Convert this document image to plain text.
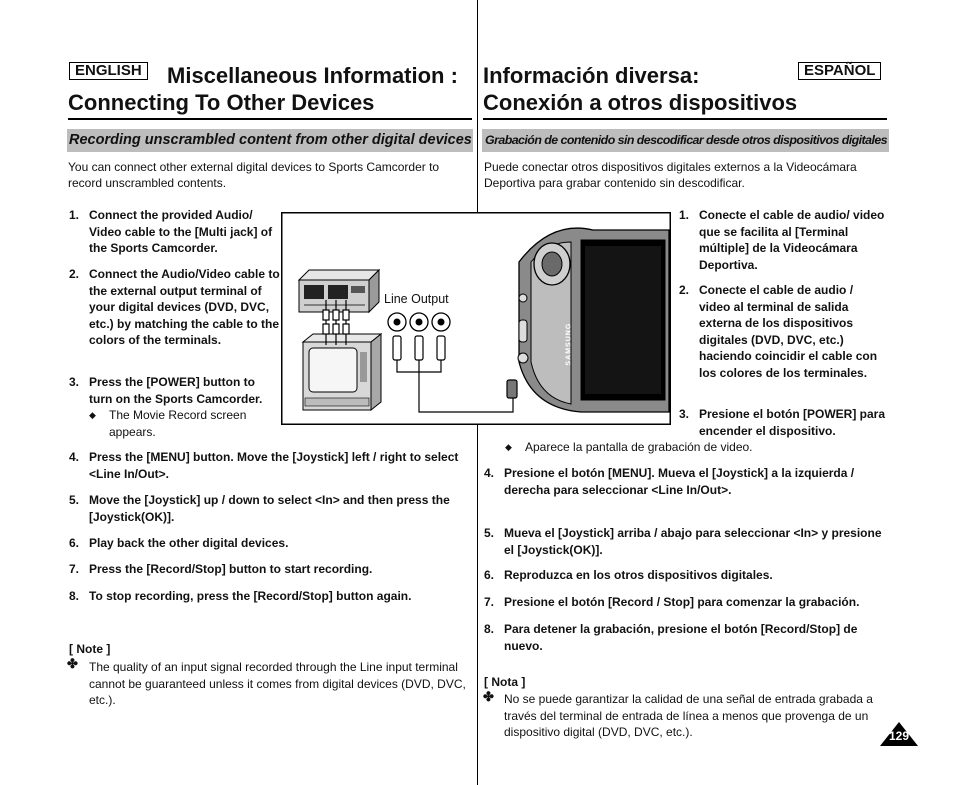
ENGLISH Miscellaneous Information :
Connecting To Other Devices
Recording unscrambled content from other digital devices
You can connect other external digital devices to Sports Camcorder to record unscrambled contents.
1. Connect the provided Audio/ Video cable to the [Multi jack] of the Sports Camcorder.
2. Connect the Audio/Video cable to the external output terminal of your digital devices (DVD, DVC, etc.) by matching the cable to the colors of the terminals.
3. Press the [POWER] button to turn on the Sports Camcorder.
◆ The Movie Record screen appears.
4. Press the [MENU] button. Move the [Joystick] left / right to select <Line In/Out>.
5. Move the [Joystick] up / down to select <In> and then press the [Joystick(OK)].
6. Play back the other digital devices.
7. Press the [Record/Stop] button to start recording.
8. To stop recording, press the [Record/Stop] button again.
[ Note ]
✤ The quality of an input signal recorded through the Line input terminal cannot be guaranteed unless it comes from digital devices (DVD, DVC, etc.).
Información diversa:	ESPAÑOL
Conexión a otros dispositivos
Grabación de contenido sin descodificar desde otros dispositivos digitales
Puede conectar otros dispositivos digitales externos a la Videocámara Deportiva para grabar contenido sin descodificar.
1. Conecte el cable de audio/ video que se facilita al [Terminal múltiple] de la Videocámara Deportiva.
2. Conecte el cable de audio / video al terminal de salida externa de los dispositivos digitales (DVD, DVC, etc.) haciendo coincidir el cable con los colores de los terminales.
3. Presione el botón [POWER] para encender el dispositivo.
◆ Aparece la pantalla de grabación de video.
4. Presione el botón [MENU]. Mueva el [Joystick] a la izquierda / derecha para seleccionar <Line In/Out>.
5. Mueva el [Joystick] arriba / abajo para seleccionar <In> y presione el [Joystick(OK)].
6. Reproduzca en los otros dispositivos digitales.
7. Presione el botón [Record / Stop] para comenzar la grabación.
8. Para detener la grabación, presione el botón [Record/Stop] de nuevo.
[ Nota ]
✤ No se puede garantizar la calidad de una señal de entrada grabada a través del terminal de entrada de línea a menos que provenga de un dispositivo digital (DVD, DVC, etc.).
Line Output
SAMSUNG
129
